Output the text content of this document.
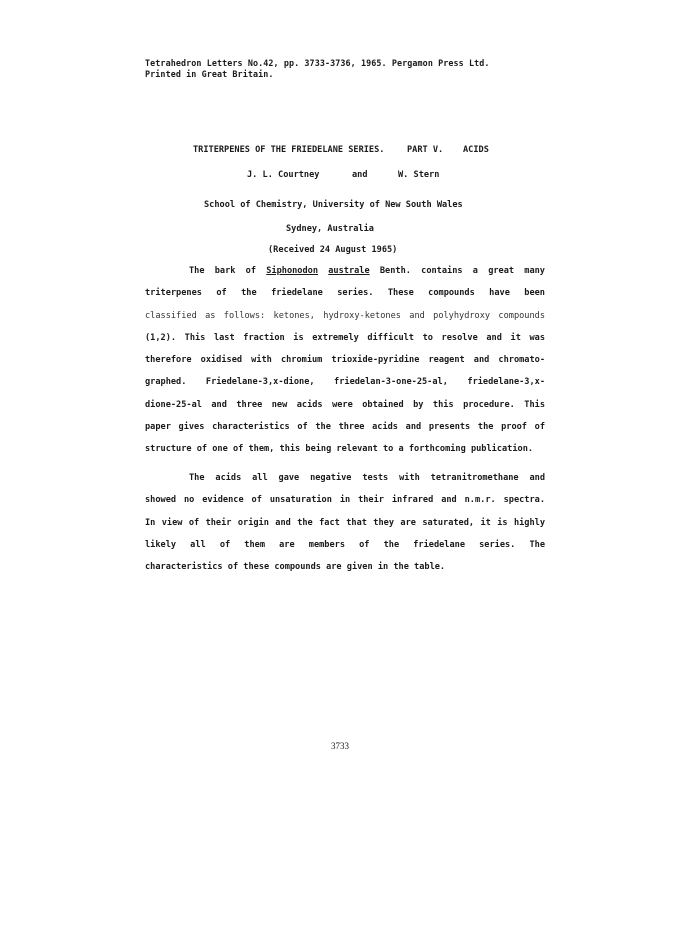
Tetrahedron Letters No.42, pp. 3733-3736, 1965. Pergamon Press Ltd.
Printed in Great Britain.
TRITERPENES OF THE FRIEDELANE SERIES.	PART V. ACIDS
J. L. Courtney	and	W. Stern
School of Chemistry, University of New South Wales
Sydney, Australia
(Received 24 August 1965)
The bark of Siphonodon australe Benth. contains a great many
triterpenes of the friedelane series. These compounds have been
classified as follows: ketones, hydroxy-ketones and polyhydroxy compounds
(1,2). This last fraction is extremely difficult to resolve and it was
therefore oxidised with chromium trioxide-pyridine reagent and chromato-
graphed. Friedelane-3,x-dione, friedelan-3-one-25-al, friedelane-3,x-
dione-25-al and three new acids were obtained by this procedure. This
paper gives characteristics of the three acids and presents the proof of
structure of one of them, this being relevant to a forthcoming publication.
The acids all gave negative tests with tetranitromethane and
showed no evidence of unsaturation in their infrared and n.m.r. spectra.
In view of their origin and the fact that they are saturated, it is highly
likely all of them are members of the friedelane series. The
characteristics of these compounds are given in the table.
3733
